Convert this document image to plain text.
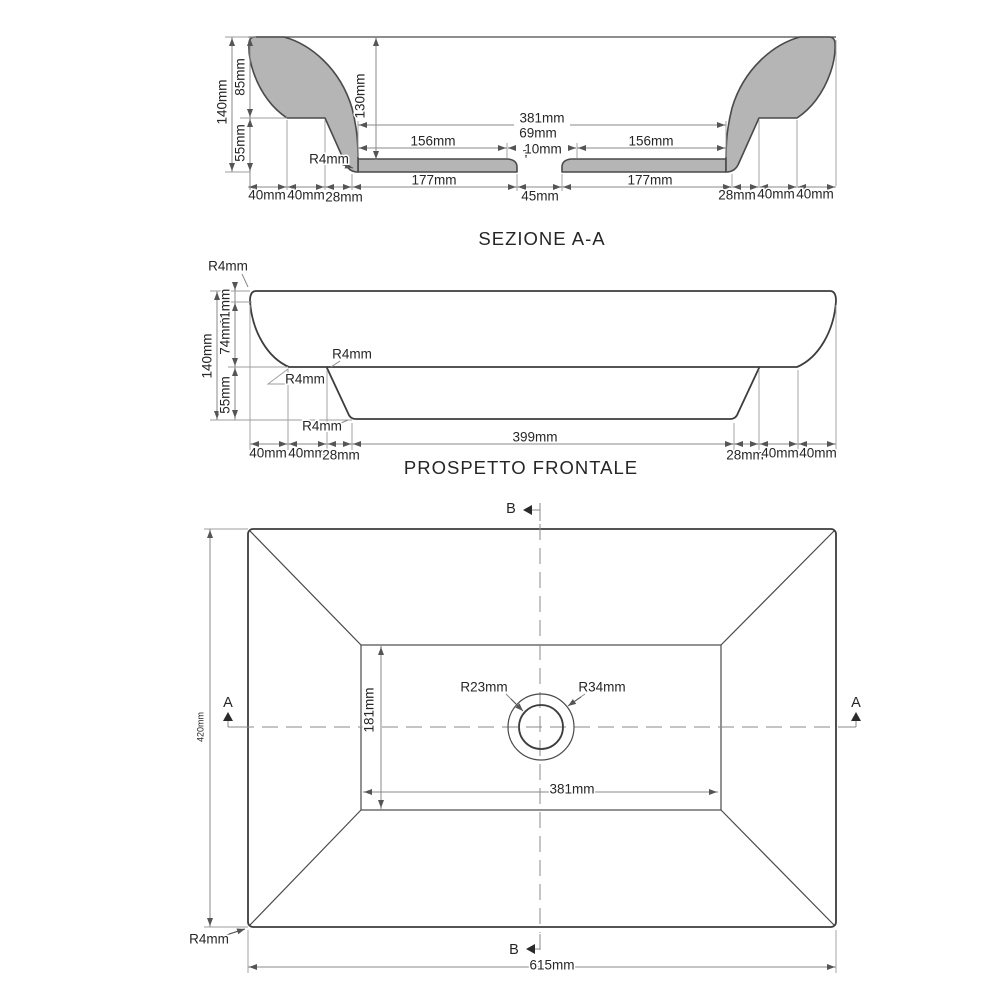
140mm
85mm
55mm
130mm
R4mm
381mm
69mm
10mm
156mm	156mm
177mm	177mm
45mm
40mm 40mm 28mm	28mm 40mm 40mm
SEZIONE A-A
R4mm
11mm
74mm
140mm
55mm
R4mm
R4mm
R4mm
399mm
40mm 40mm
28mm	28mm
40mm 40mm
PROSPETTO FRONTALE
B
B
A	A
420mm	181mm
381mm
615mm
R23mm	R34mm
R4mm
